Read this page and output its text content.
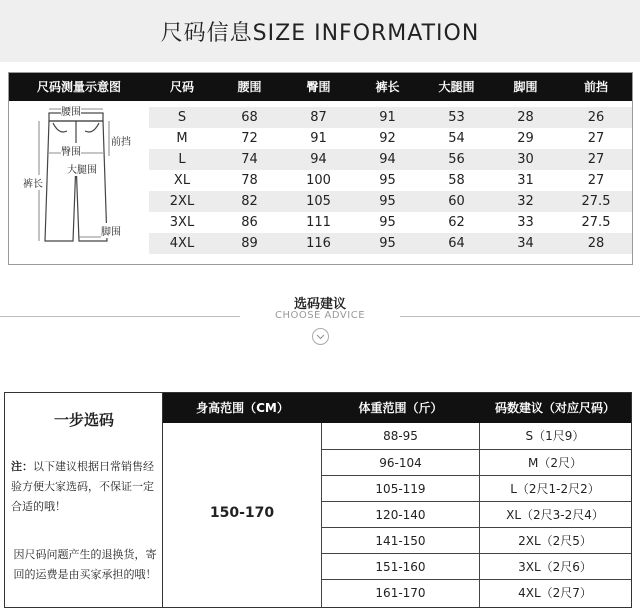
尺码信息SIZE INFORMATION
尺码测量示意图	尺码	腰围	臀围	裤长	大腿围	脚围	前挡
腰围
前挡
臀围
大腿围
裤长
脚围
S	68	87	91	53	28	26
M	72	91	92	54	29	27
L	74	94	94	56	30	27
XL	78	100	95	58	31	27
2XL	82	105	95	60	32	27.5
3XL	86	111	95	62	33	27.5
4XL	89	116	95	64	34	28
选码建议
CHOOSE ADVICE
一步选码
注：以下建议根据日常销售经验方便大家选码，不保证一定合适的哦！
因尺码问题产生的退换货，寄回的运费是由买家承担的哦！
身高范围（CM）	体重范围（斤）	码数建议（对应尺码）
150-170
88-95	S（1尺9）
96-104	M（2尺）
105-119	L（2尺1-2尺2）
120-140	XL（2尺3-2尺4）
141-150	2XL（2尺5）
151-160	3XL（2尺6）
161-170	4XL（2尺7）
